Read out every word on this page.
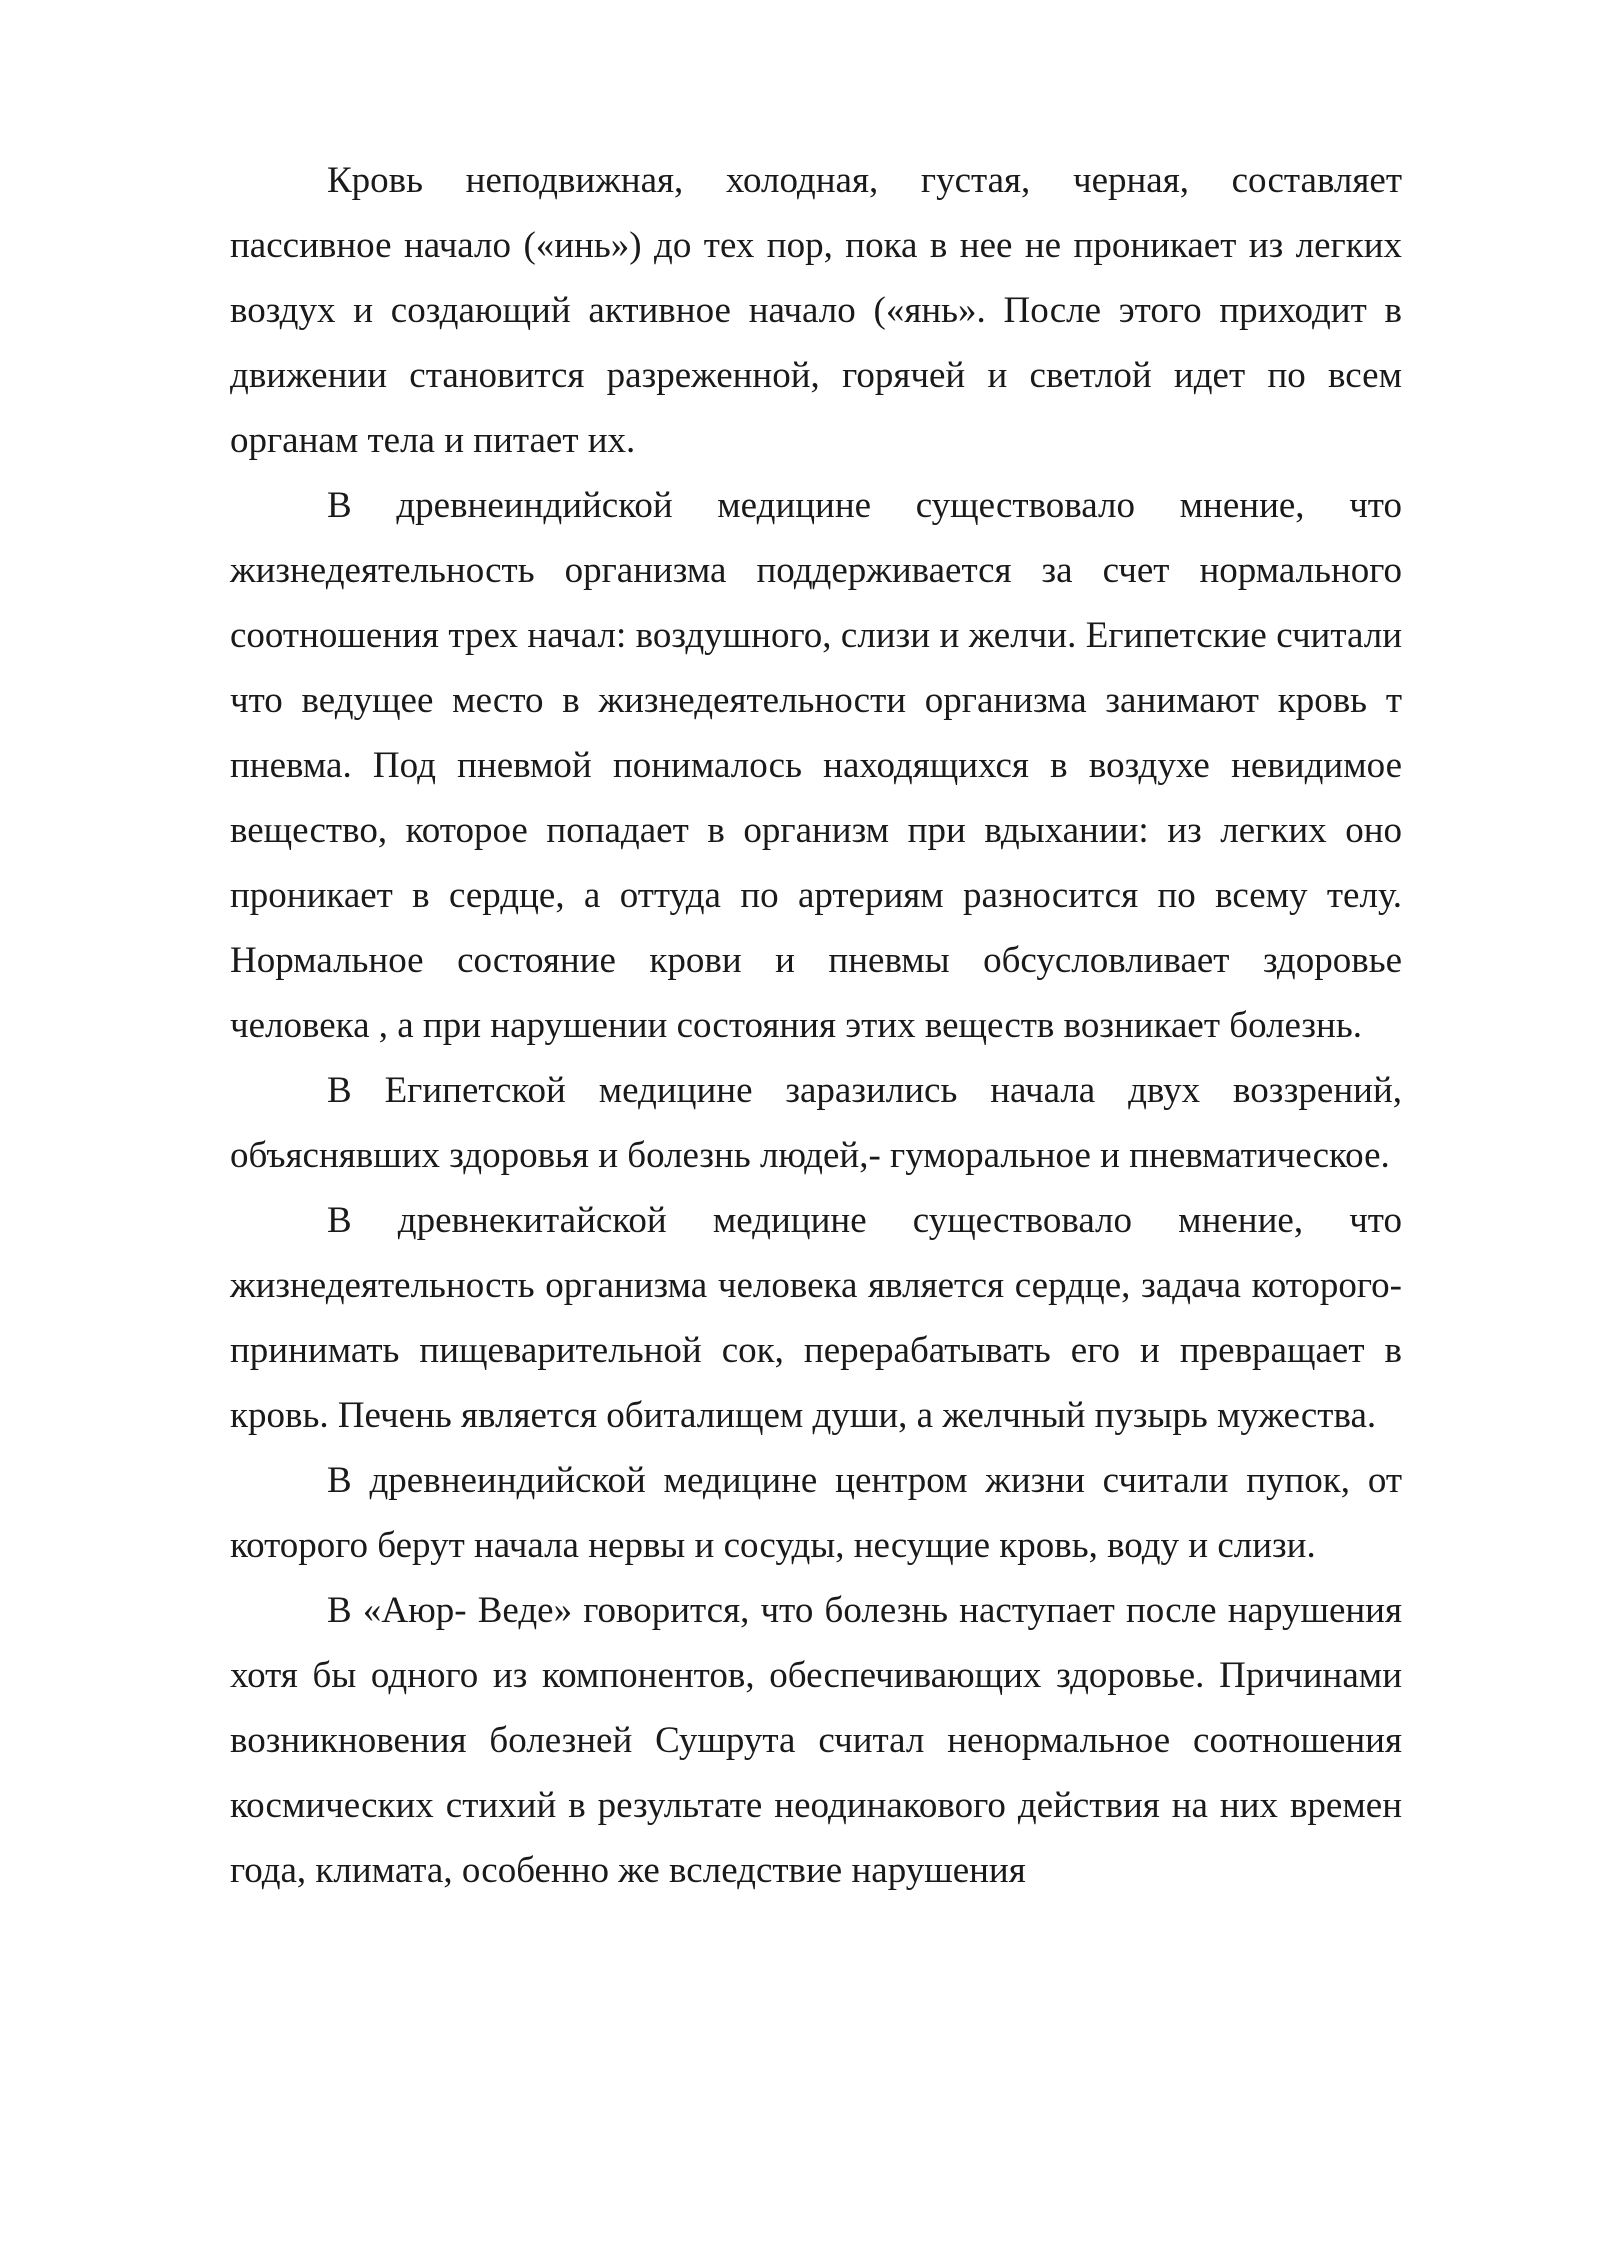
Кровь неподвижная, холодная, густая, черная, составляет пассивное начало («инь») до тех пор, пока в нее не проникает из легких воздух и создающий активное начало («янь». После этого приходит в движении становится разреженной, горячей и светлой идет по всем органам тела и питает их.

В древнеиндийской медицине существовало мнение, что жизнедеятельность организма поддерживается за счет нормального соотношения трех начал: воздушного, слизи и желчи. Египетские считали что ведущее место в жизнедеятельности организма занимают кровь т пневма. Под пневмой понималось находящихся в воздухе невидимое вещество, которое попадает в организм при вдыхании: из легких оно проникает в сердце, а оттуда по артериям разносится по всему телу. Нормальное состояние крови и пневмы обсусловливает здоровье человека , а при нарушении состояния этих веществ возникает болезнь.

В Египетской медицине заразились начала двух воззрений, объяснявших здоровья и болезнь людей,- гуморальное и пневматическое.

В древнекитайской медицине существовало мнение, что жизнедеятельность организма человека является сердце, задача которого- принимать пищеварительной сок, перерабатывать его и превращает в кровь. Печень является обиталищем души, а желчный пузырь мужества.

В древнеиндийской медицине центром жизни считали пупок, от которого берут начала нервы и сосуды, несущие кровь, воду и слизи.

В «Аюр- Веде» говорится, что болезнь наступает после нарушения хотя бы одного из компонентов, обеспечивающих здоровье. Причинами возникновения болезней Сушрута считал ненормальное соотношения космических стихий в результате неодинакового действия на них времен года, климата, особенно же вследствие нарушения
